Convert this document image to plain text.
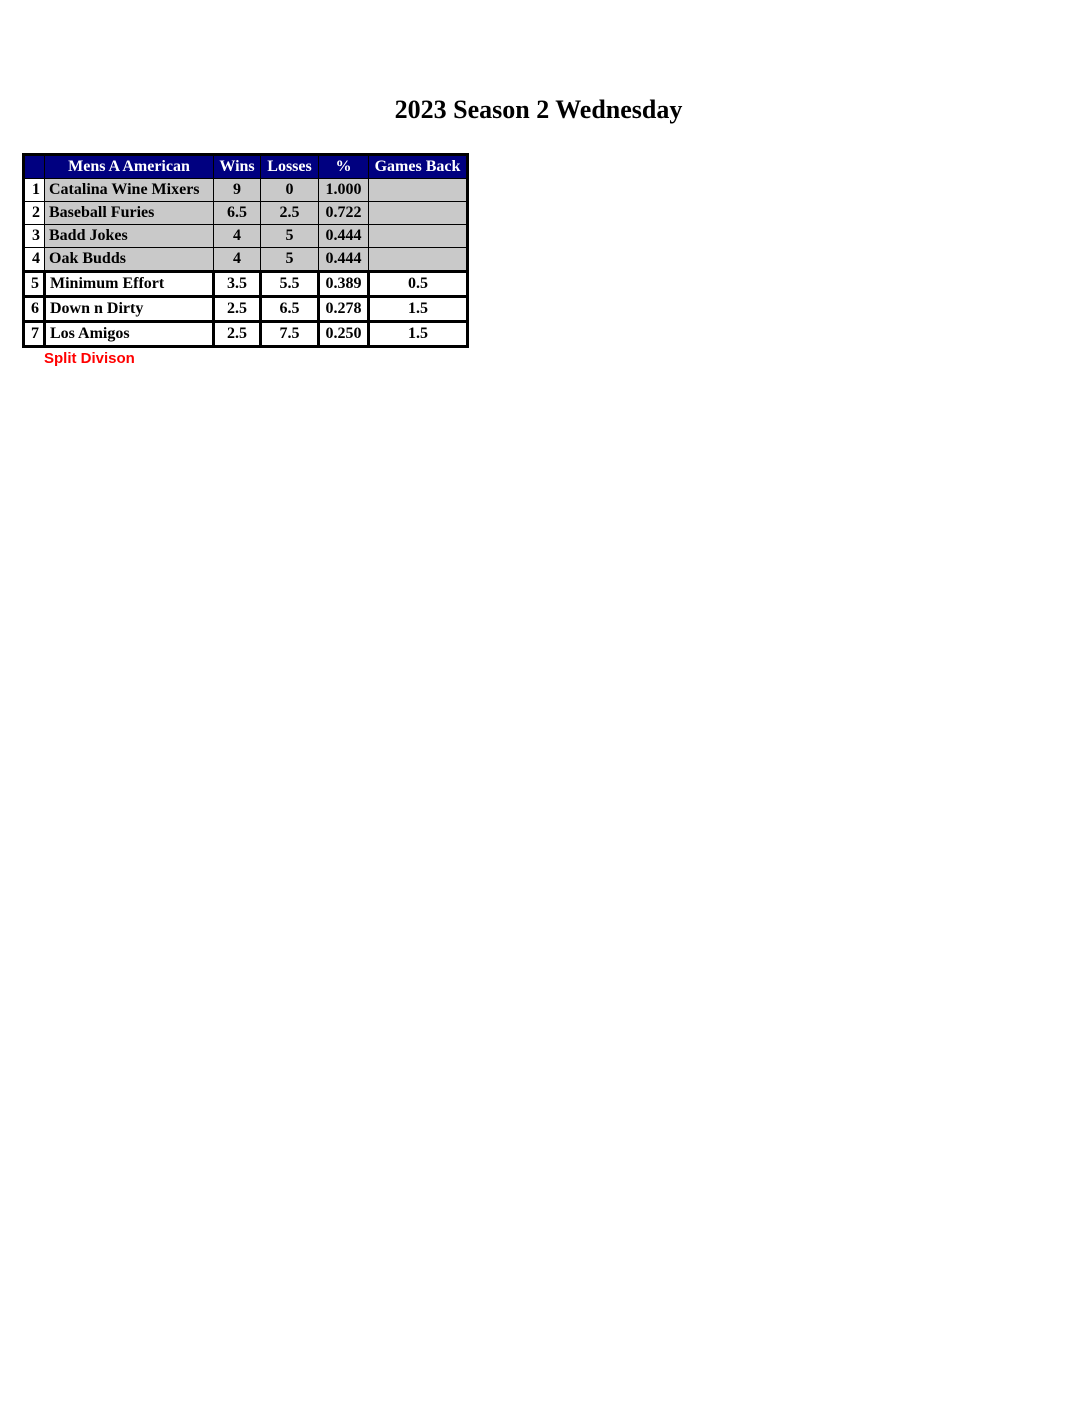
2023 Season 2 Wednesday
	Mens A American	Wins	Losses	%	Games Back
1	Catalina Wine Mixers	9	0	1.000	
2	Baseball Furies	6.5	2.5	0.722	
3	Badd Jokes	4	5	0.444	
4	Oak Budds	4	5	0.444	
5	Minimum Effort	3.5	5.5	0.389	0.5
6	Down n Dirty	2.5	6.5	0.278	1.5
7	Los Amigos	2.5	7.5	0.250	1.5
Split Divison
